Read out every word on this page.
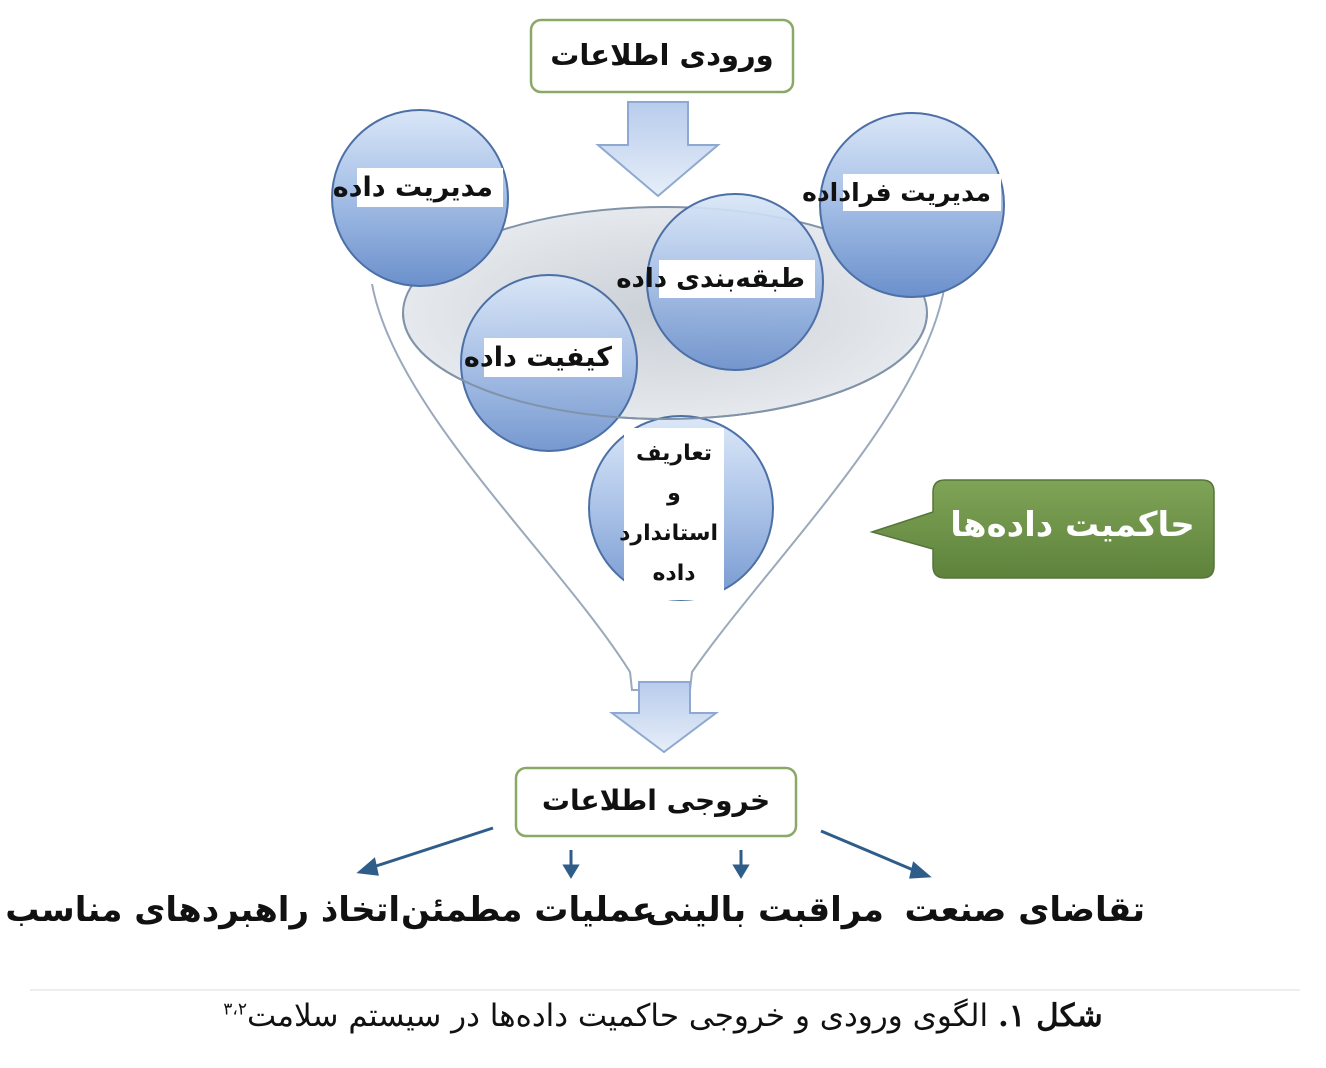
ورودی اطلاعات
مدیریت داده	مدیریت فراداده
طبقه‌بندی داده
کیفیت داده
تعاریف و
استاندارد
داده
حاکمیت داده‌ها
خروجی اطلاعات
تقاضای صنعت
مراقبت بالینی
عملیات مطمئن
اتخاذ راهبردهای مناسب
شکل ۱. الگوی ورودی و خروجی حاکمیت داده‌ها در سیستم سلامت$^{۳،۲}$
